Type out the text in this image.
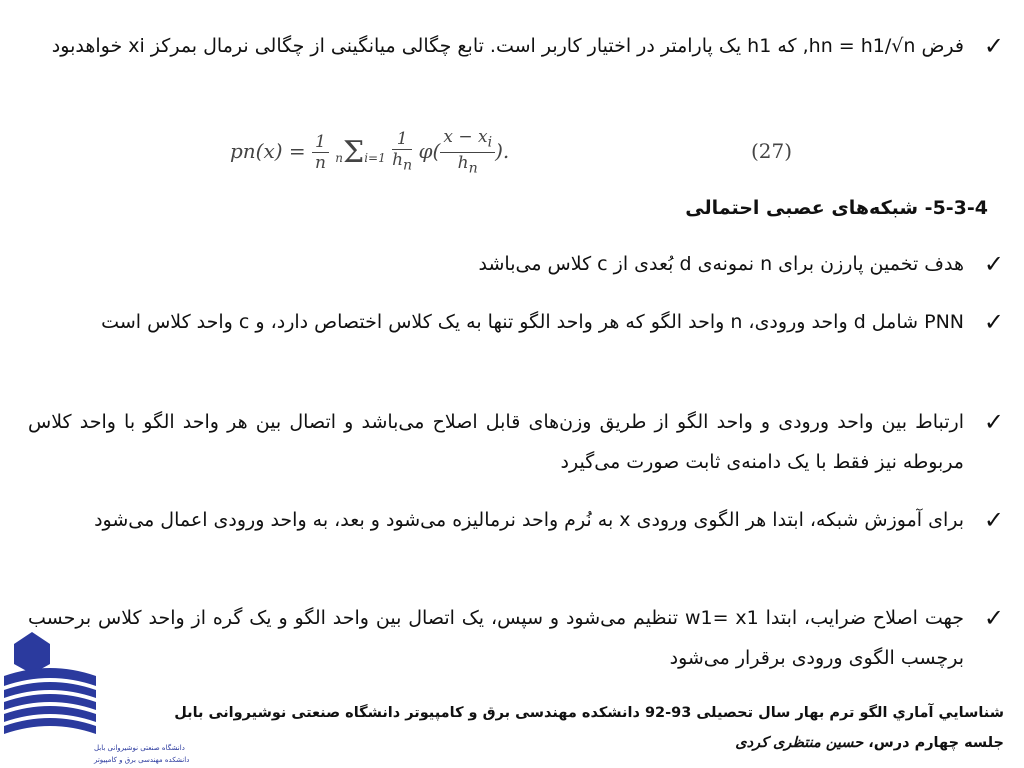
✓
فرض hn = h1/√n, که h1 یک پارامتر در اختیار کاربر است. تابع چگالی میانگینی از چگالی نرمال بمرکز xi خواهدبود
$pn(x) = \frac{1}{n} n\Sigma i=1 \frac{1}{h_n} \varphi( \frac{x - x_i}{h_n}$ ).	(27)
5-3-4- شبکه‌های عصبی احتمالی
✓
هدف تخمین پارزن برای n نمونه‌ی d بُعدی از c کلاس می‌باشد
✓
PNN شامل d واحد ورودی، n واحد الگو که هر واحد الگو تنها به یک کلاس اختصاص دارد، و c واحد کلاس است
✓
ارتباط بین واحد ورودی و واحد الگو از طریق وزن‌های قابل اصلاح می‌باشد و اتصال بین هر واحد الگو با واحد کلاس مربوطه نیز فقط با یک دامنه‌ی ثابت صورت می‌گیرد
✓
برای آموزش شبکه، ابتدا هر الگوی ورودی x به نُرم واحد نرمالیزه می‌شود و بعد، به واحد ورودی اعمال می‌شود
✓
جهت اصلاح ضرایب، ابتدا w1= x1 تنظیم می‌شود و سپس، یک اتصال بین واحد الگو و یک گره از واحد کلاس برحسب برچسب الگوی ورودی برقرار می‌شود
دانشگاه صنعتی نوشیروانی بابل
دانشکده مهندسی برق و کامپیوتر
شناسايي آماري الگو ترم بهار سال تحصیلی 93-92 دانشکده مهندسی برق و کامپیوتر دانشگاه صنعتی نوشیروانی بابل
جلسه چهارم درس، حسین منتظری کردی
